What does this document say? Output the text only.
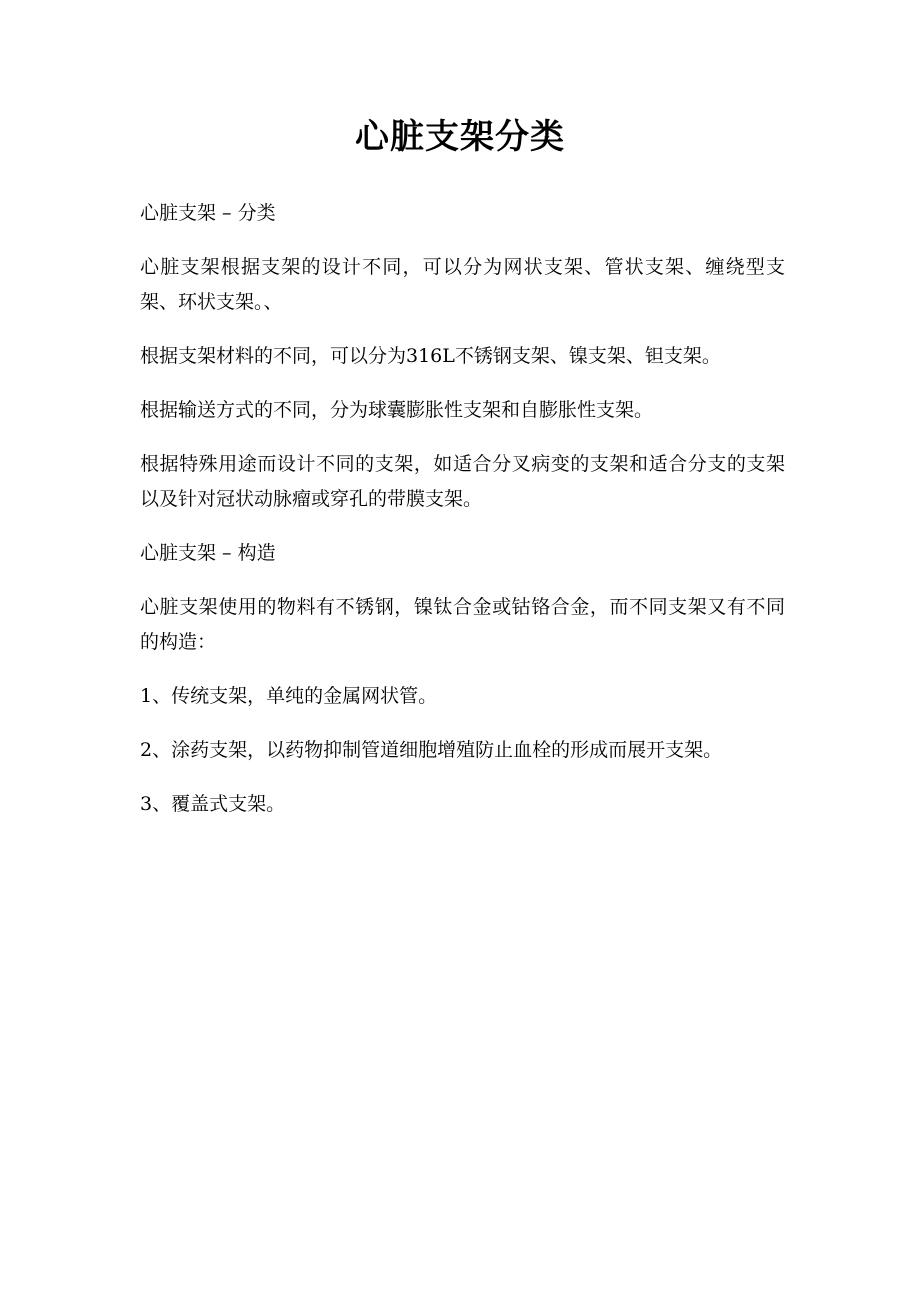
心脏支架分类

心脏支架 – 分类

心脏支架根据支架的设计不同，可以分为网状支架、管状支架、缠绕型支架、环状支架。、

根据支架材料的不同，可以分为316L不锈钢支架、镍支架、钽支架。

根据输送方式的不同，分为球囊膨胀性支架和自膨胀性支架。

根据特殊用途而设计不同的支架，如适合分叉病变的支架和适合分支的支架以及针对冠状动脉瘤或穿孔的带膜支架。

心脏支架 – 构造

心脏支架使用的物料有不锈钢，镍钛合金或钴铬合金，而不同支架又有不同的构造：

1、传统支架，单纯的金属网状管。

2、涂药支架，以药物抑制管道细胞增殖防止血栓的形成而展开支架。

3、覆盖式支架。
